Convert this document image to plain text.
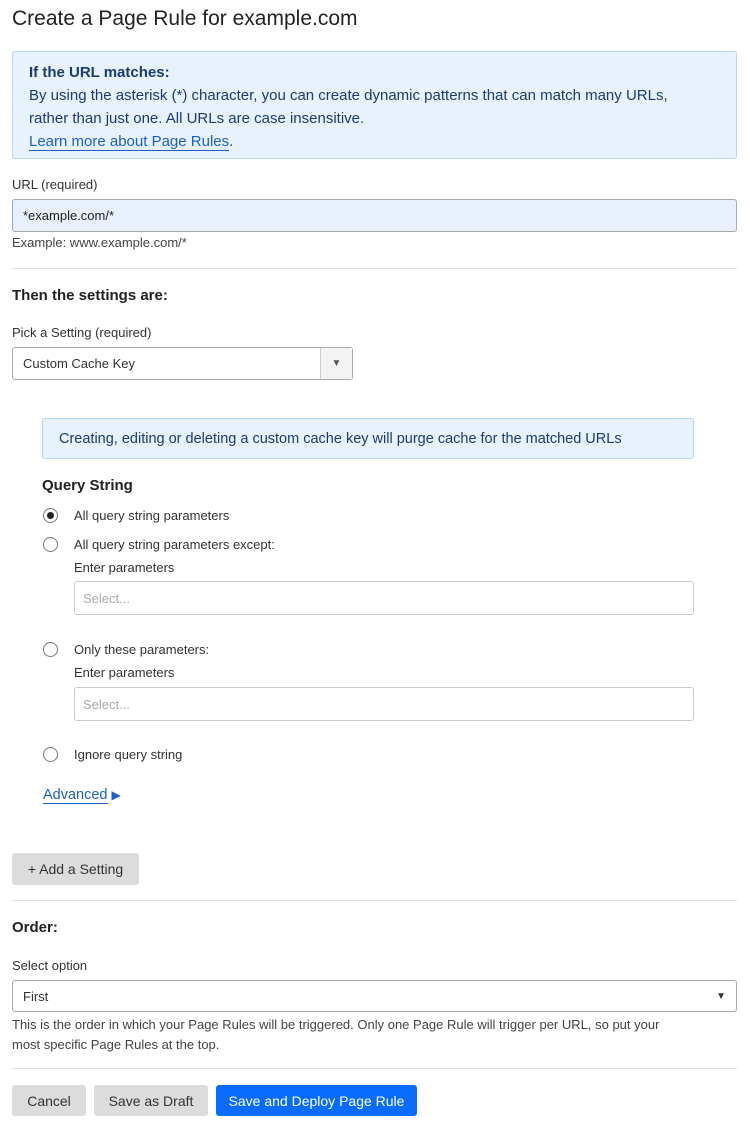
Create a Page Rule for example.com
If the URL matches:
By using the asterisk (*) character, you can create dynamic patterns that can match many URLs,
rather than just one. All URLs are case insensitive.
Learn more about Page Rules.
URL (required)
*example.com/*
Example: www.example.com/*
Then the settings are:
Pick a Setting (required)
Custom Cache Key	▼
Creating, editing or deleting a custom cache key will purge cache for the matched URLs
Query String
All query string parameters
All query string parameters except:
Enter parameters
Select...
Only these parameters:
Enter parameters
Select...
Ignore query string
Advanced ▶
+ Add a Setting
Order:
Select option
First	▼
This is the order in which your Page Rules will be triggered. Only one Page Rule will trigger per URL, so put your
most specific Page Rules at the top.
Cancel	Save as Draft	Save and Deploy Page Rule
